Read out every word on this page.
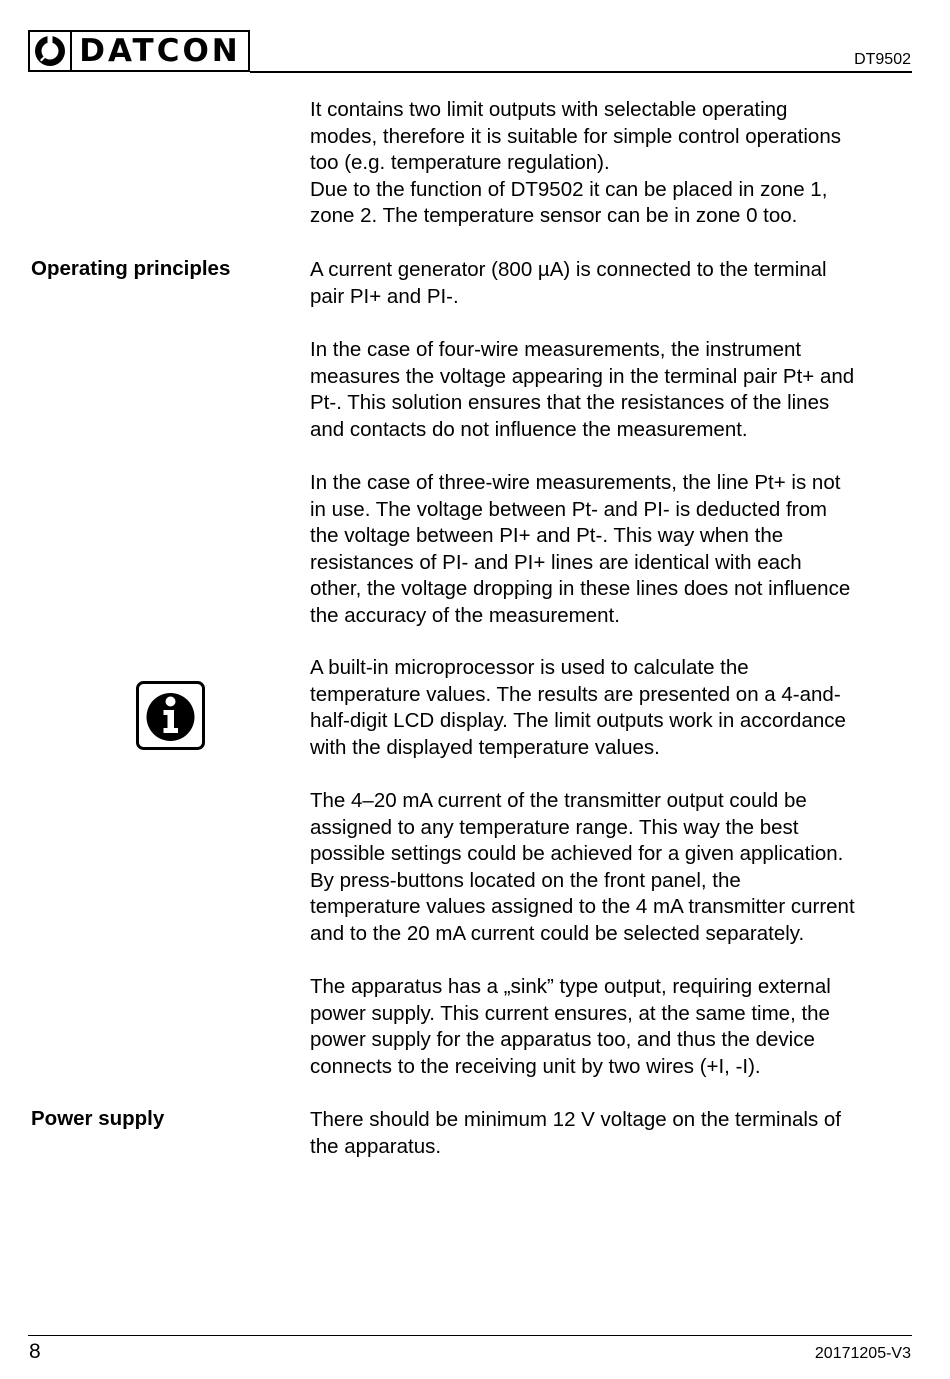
DATCON	DT9502
Operating principles
Power supply

It contains two limit outputs with selectable operating
modes, therefore it is suitable for simple control operations
too (e.g. temperature regulation).
Due to the function of DT9502 it can be placed in zone 1,
zone 2. The temperature sensor can be in zone 0 too.

A current generator (800 µA) is connected to the terminal
pair PI+ and PI-.

In the case of four-wire measurements, the instrument
measures the voltage appearing in the terminal pair Pt+ and
Pt-. This solution ensures that the resistances of the lines
and contacts do not influence the measurement.

In the case of three-wire measurements, the line Pt+ is not
in use. The voltage between Pt- and PI- is deducted from
the voltage between PI+ and Pt-. This way when the
resistances of PI- and PI+ lines are identical with each
other, the voltage dropping in these lines does not influence
the accuracy of the measurement.

A built-in microprocessor is used to calculate the
temperature values. The results are presented on a 4-and-
half-digit LCD display. The limit outputs work in accordance
with the displayed temperature values.

The 4–20 mA current of the transmitter output could be
assigned to any temperature range. This way the best
possible settings could be achieved for a given application.
By press-buttons located on the front panel, the
temperature values assigned to the 4 mA transmitter current
and to the 20 mA current could be selected separately.

The apparatus has a „sink” type output, requiring external
power supply. This current ensures, at the same time, the
power supply for the apparatus too, and thus the device
connects to the receiving unit by two wires (+I, -I).

There should be minimum 12 V voltage on the terminals of
the apparatus.

8	20171205-V3
